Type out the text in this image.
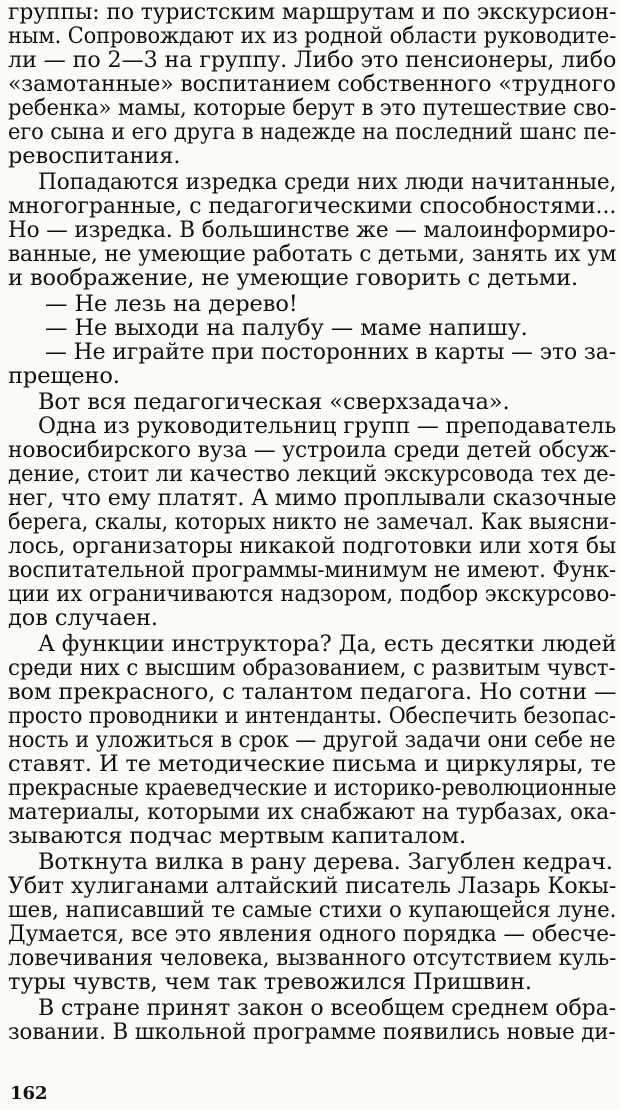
группы: по туристским маршрутам и по экскурсион-
ным. Сопровождают их из родной области руководите-
ли — по 2—3 на группу. Либо это пенсионеры, либо
«замотанные» воспитанием собственного «трудного
ребенка» мамы, которые берут в это путешествие сво-
его сына и его друга в надежде на последний шанс пе-
ревоспитания.
Попадаются изредка среди них люди начитанные,
многогранные, с педагогическими способностями...
Но — изредка. В большинстве же — малоинформиро-
ванные, не умеющие работать с детьми, занять их ум
и воображение, не умеющие говорить с детьми.
— Не лезь на дерево!
— Не выходи на палубу — маме напишу.
— Не играйте при посторонних в карты — это за-
прещено.
Вот вся педагогическая «сверхзадача».
Одна из руководительниц групп — преподаватель
новосибирского вуза — устроила среди детей обсуж-
дение, стоит ли качество лекций экскурсовода тех де-
нег, что ему платят. А мимо проплывали сказочные
берега, скалы, которых никто не замечал. Как выясни-
лось, организаторы никакой подготовки или хотя бы
воспитательной программы-минимум не имеют. Функ-
ции их ограничиваются надзором, подбор экскурсово-
дов случаен.
А функции инструктора? Да, есть десятки людей
среди них с высшим образованием, с развитым чувст-
вом прекрасного, с талантом педагога. Но сотни —
просто проводники и интенданты. Обеспечить безопас-
ность и уложиться в срок — другой задачи они себе не
ставят. И те методические письма и циркуляры, те
прекрасные краеведческие и историко-революционные
материалы, которыми их снабжают на турбазах, ока-
зываются подчас мертвым капиталом.
Воткнута вилка в рану дерева. Загублен кедрач.
Убит хулиганами алтайский писатель Лазарь Кокы-
шев, написавший те самые стихи о купающейся луне.
Думается, все это явления одного порядка — обесче-
ловечивания человека, вызванного отсутствием куль-
туры чувств, чем так тревожился Пришвин.
В стране принят закон о всеобщем среднем обра-
зовании. В школьной программе появились новые ди-
162
